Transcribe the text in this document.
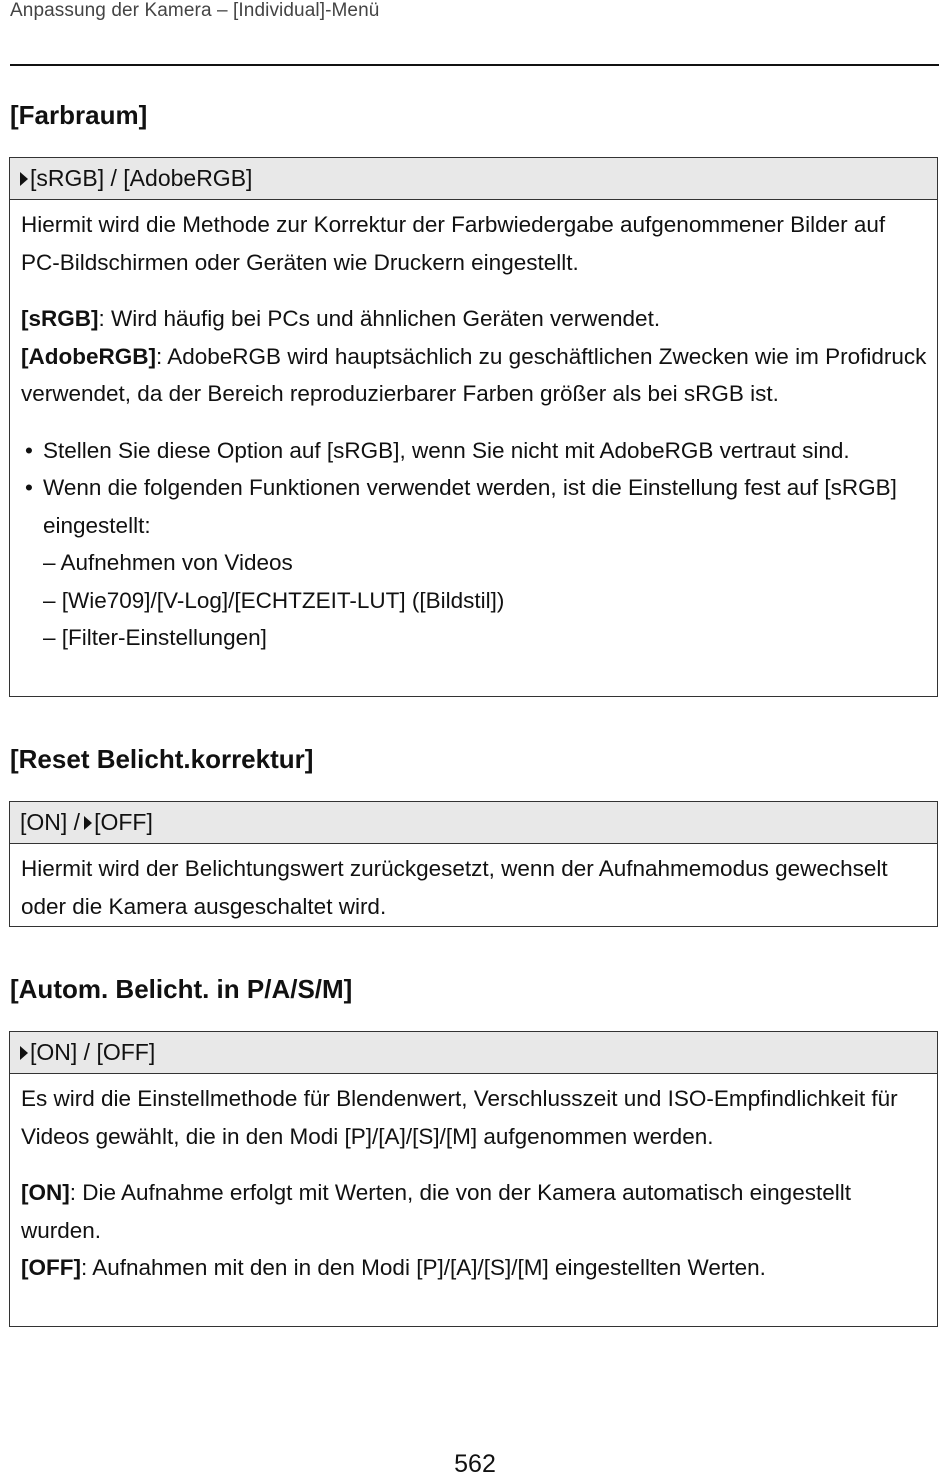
Anpassung der Kamera – [Individual]-Menü
[Farbraum]
[sRGB] / [AdobeRGB]

Hiermit wird die Methode zur Korrektur der Farbwiedergabe aufgenommener Bilder auf PC-Bildschirmen oder Geräten wie Druckern eingestellt.

[sRGB]: Wird häufig bei PCs und ähnlichen Geräten verwendet.

[AdobeRGB]: AdobeRGB wird hauptsächlich zu geschäftlichen Zwecken wie im Profidruck verwendet, da der Bereich reproduzierbarer Farben größer als bei sRGB ist.

• Stellen Sie diese Option auf [sRGB], wenn Sie nicht mit AdobeRGB vertraut sind.
• Wenn die folgenden Funktionen verwendet werden, ist die Einstellung fest auf [sRGB] eingestellt:
– Aufnehmen von Videos
– [Wie709]/[V-Log]/[ECHTZEIT-LUT] ([Bildstil])
– [Filter-Einstellungen]
[Reset Belicht.korrektur]
[ON] / [OFF]

Hiermit wird der Belichtungswert zurückgesetzt, wenn der Aufnahmemodus gewechselt oder die Kamera ausgeschaltet wird.

[Autom. Belicht. in P/A/S/M]
[ON] / [OFF]

Es wird die Einstellmethode für Blendenwert, Verschlusszeit und ISO-Empfindlichkeit für Videos gewählt, die in den Modi [P]/[A]/[S]/[M] aufgenommen werden.

[ON]: Die Aufnahme erfolgt mit Werten, die von der Kamera automatisch eingestellt wurden.

[OFF]: Aufnahmen mit den in den Modi [P]/[A]/[S]/[M] eingestellten Werten.

562
